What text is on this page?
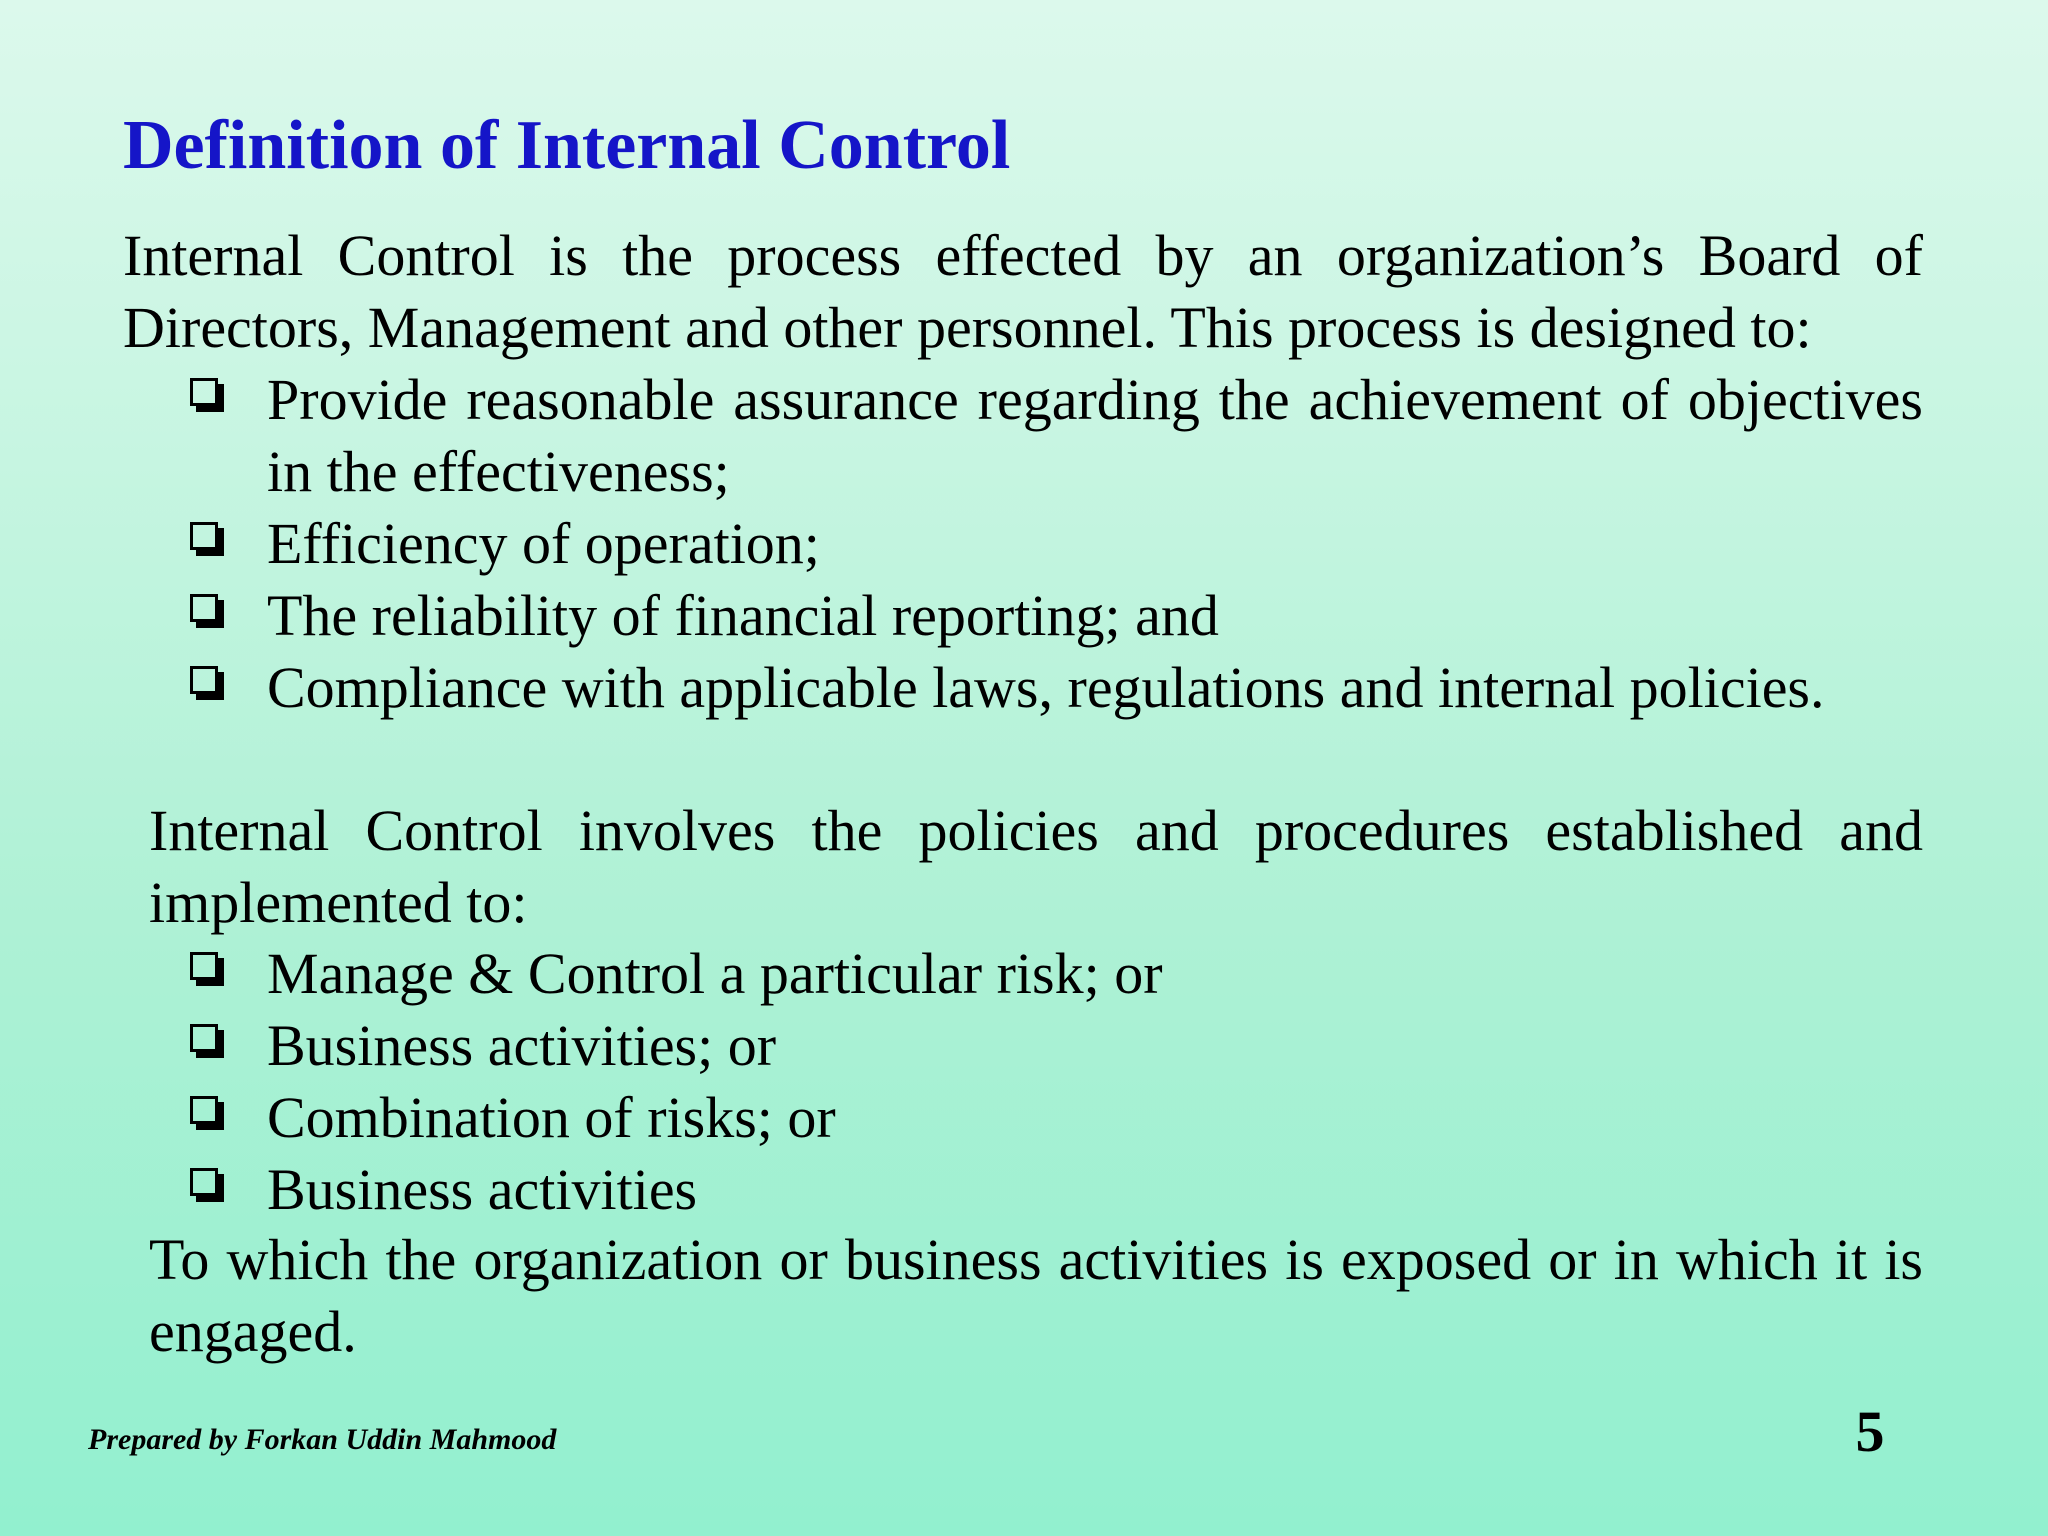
Definition of Internal Control

Internal Control is the process effected by an organization’s Board of Directors, Management and other personnel. This process is designed to:

Provide reasonable assurance regarding the achievement of objectives in the effectiveness;
Efficiency of operation;
The reliability of financial reporting; and
Compliance with applicable laws, regulations and internal policies.

Internal Control involves the policies and procedures established and implemented to:

Manage & Control a particular risk; or
Business activities; or
Combination of risks; or
Business activities

To which the organization or business activities is exposed or in which it is engaged.

Prepared by Forkan Uddin Mahmood	5
